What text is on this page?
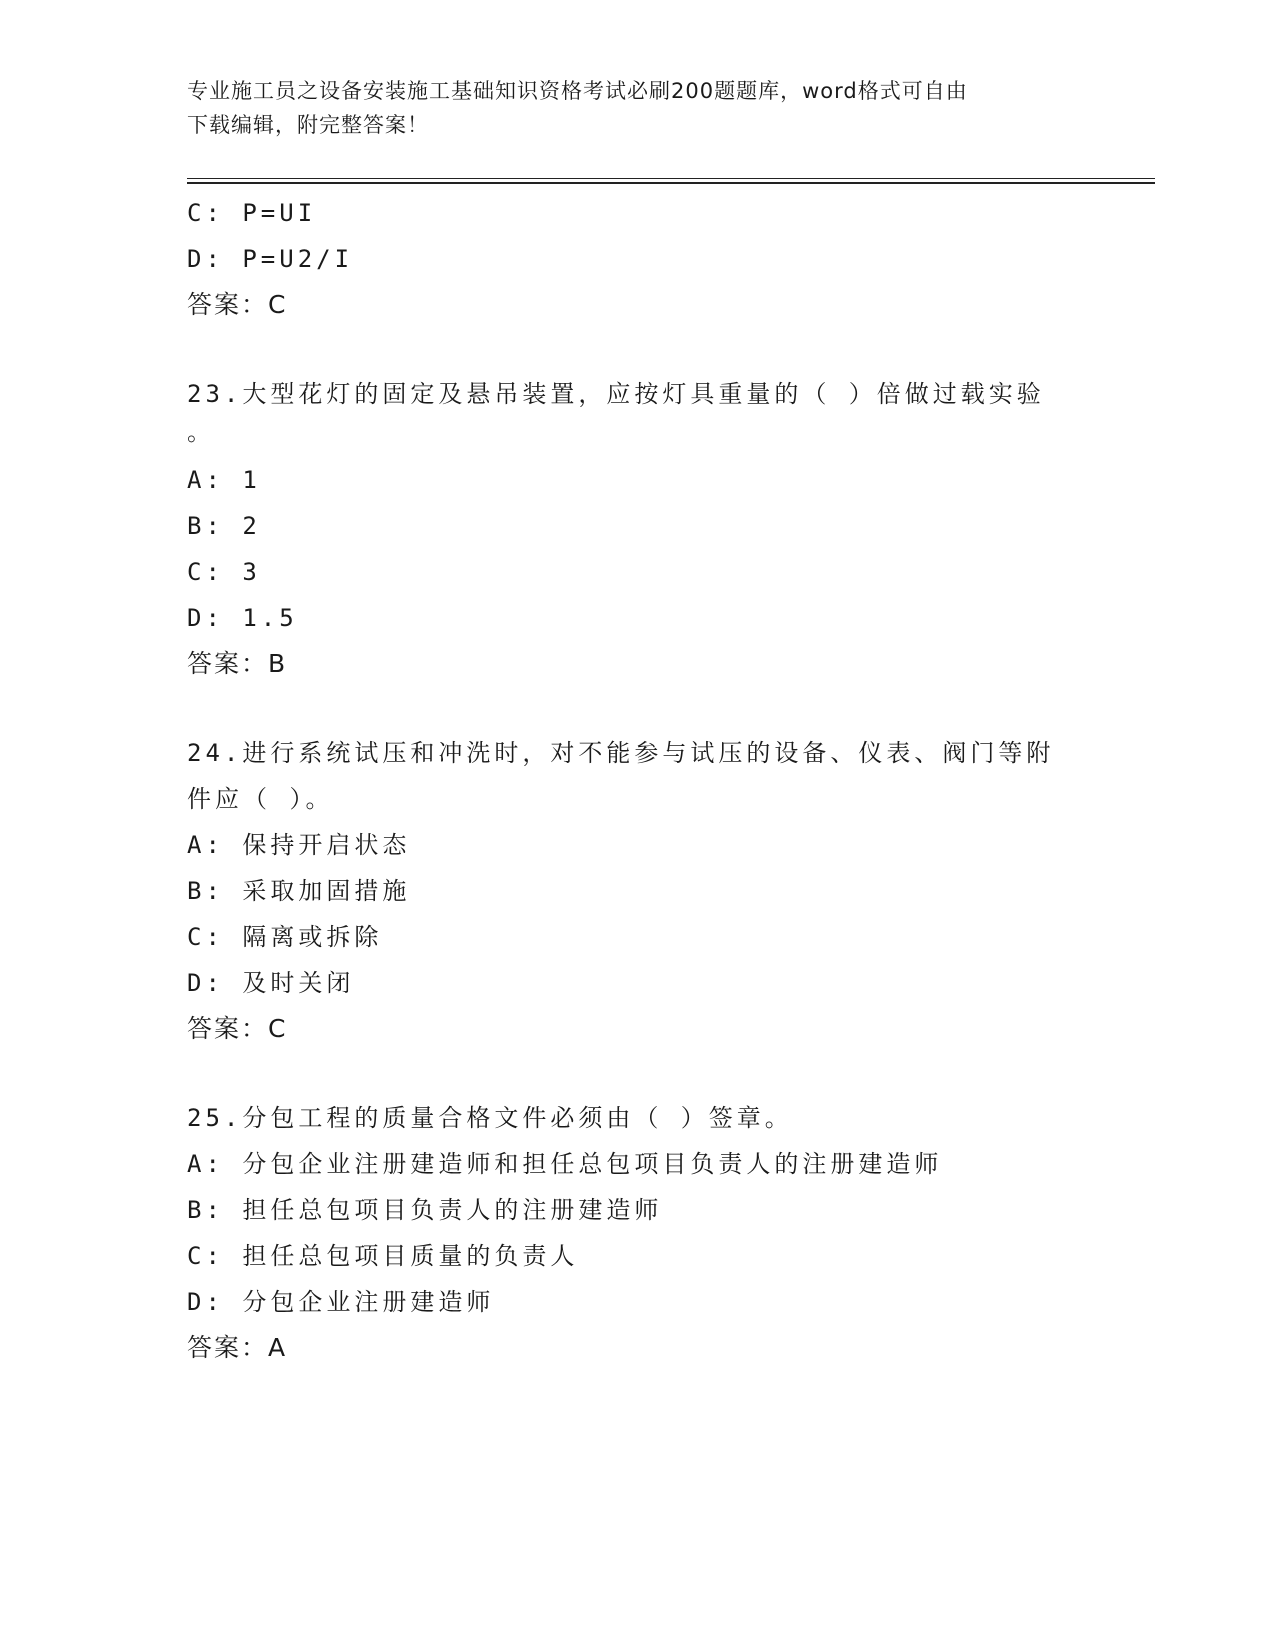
专业施工员之设备安装施工基础知识资格考试必刷200题题库，word格式可自由
下载编辑，附完整答案！
C: P=UI
D: P=U2/I
答案：C
23.大型花灯的固定及悬吊装置，应按灯具重量的（ ）倍做过载实验
。
A: 1
B: 2
C: 3
D: 1.5
答案：B
24.进行系统试压和冲洗时，对不能参与试压的设备、仪表、阀门等附
件应（ ）。
A: 保持开启状态
B: 采取加固措施
C: 隔离或拆除
D: 及时关闭
答案：C
25.分包工程的质量合格文件必须由（ ）签章。
A: 分包企业注册建造师和担任总包项目负责人的注册建造师
B: 担任总包项目负责人的注册建造师
C: 担任总包项目质量的负责人
D: 分包企业注册建造师
答案：A
